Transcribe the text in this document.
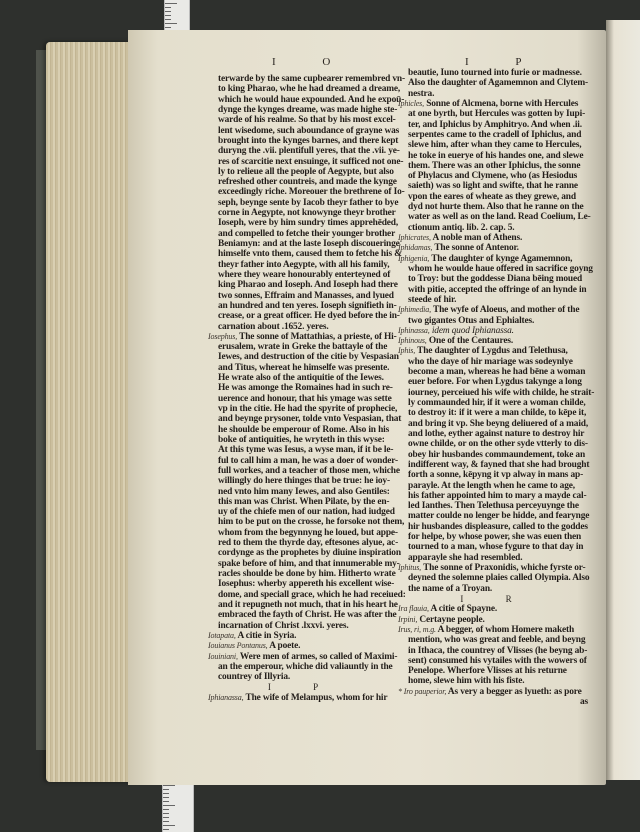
I O	I P
terwarde by the same cupbearer remembred vn-
to king Pharao, whe he had dreamed a dreame,
which he would haue expounded. And he expoū-
dynge the kynges dreame, was made highe ste-
warde of his realme. So that by his most excel-
lent wisedome, such aboundance of grayne was
brought into the kynges barnes, and there kept
duryng the .vii. plentifull yeres, that the .vii. ye-
res of scarcitie next ensuinge, it sufficed not one-
ly to relieue all the people of Aegypte, but also
refreshed other countreis, and made the kynge
exceedingly riche. Moreouer the brethrene of Io-
seph, beynge sente by Iacob theyr father to bye
corne in Aegypte, not knowynge theyr brother
Ioseph, were by him sundry times apprehēded,
and compelled to fetche their younger brother
Beniamyn: and at the laste Ioseph discoueringe
himselfe vnto them, caused them to fetche his &
theyr father into Aegypte, with all his family,
where they weare honourably enterteyned of
king Pharao and Ioseph. And Ioseph had there
two sonnes, Effraim and Manasses, and lyued
an hundred and ten yeres. Ioseph signifieth in-
crease, or a great officer. He dyed before the in-
carnation about .1652. yeres.
Iosephus, The sonne of Mattathias, a prieste, of Hi-
erusalem, wrate in Greke the battayle of the
Iewes, and destruction of the citie by Vespasian
and Titus, whereat he himselfe was presente.
He wrate also of the antiquitie of the Iewes.
He was amonge the Romaines had in such re-
uerence and honour, that his ymage was sette
vp in the citie. He had the spyrite of prophecie,
and beynge prysoner, tolde vnto Vespasian, that
he shoulde be emperour of Rome. Also in his
boke of antiquities, he wryteth in this wyse:
At this tyme was Iesus, a wyse man, if it be le-
ful to call him a man, he was a doer of wonder-
full workes, and a teacher of those men, whiche
willingly do here thinges that be true: he ioy-
ned vnto him many Iewes, and also Gentiles:
this man was Christ. When Pilate, by the en-
uy of the chiefe men of our nation, had iudged
him to be put on the crosse, he forsoke not them,
whom from the begynnyng he loued, but appe-
red to them the thyrde day, eftesones alyue, ac-
cordynge as the prophetes by diuine inspiration
spake before of him, and that innumerable my-
racles shoulde be done by him. Hitherto wrate
Iosephus: wherby appereth his excellent wise-
dome, and speciall grace, which he had receiued:
and it repugneth not much, that in his heart he
embraced the fayth of Christ. He was after the
incarnation of Christ .lxxvi. yeres.
Iotapata, A citie in Syria.
Iouianus Pontanus, A poete.
Iouiniani, Were men of armes, so called of Maximi-
an the emperour, whiche did valiauntly in the
countrey of Illyria.
I P
Iphianassa, The wife of Melampus, whom for hir
beautie, Iuno tourned into furie or madnesse.
Also the daughter of Agamemnon and Clytem-
nestra.
Iphicles, Sonne of Alcmena, borne with Hercules
at one byrth, but Hercules was gotten by Iupi-
ter, and Iphiclus by Amphitryo. And when .ii.
serpentes came to the cradell of Iphiclus, and
slewe him, after whan they came to Hercules,
he toke in euerye of his handes one, and slewe
them. There was an other Iphiclus, the sonne
of Phylacus and Clymene, who (as Hesiodus
saieth) was so light and swifte, that he ranne
vpon the eares of wheate as they grewe, and
dyd not hurte them. Also that he ranne on the
water as well as on the land. Read Coelium, Le-
ctionum antiq. lib. 2. cap. 5.
Iphicrates, A noble man of Athens.
Iphidamas, The sonne of Antenor.
Iphigenia, The daughter of kynge Agamemnon,
whom he woulde haue offered in sacrifice goyng
to Troy: but the goddesse Diana bēing moued
with pitie, accepted the offringe of an hynde in
steede of hir.
Iphimedia, The wyfe of Aloeus, and mother of the
two gigantes Otus and Ephialtes.
Iphinassa, idem quod Iphianassa.
Iphinous, One of the Centaures.
Iphis, The daughter of Lygdus and Telethusa,
who the daye of hir mariage was sodeynlye
become a man, whereas he had bēne a woman
euer before. For when Lygdus takynge a long
iourney, perceiued his wife with childe, he strait-
ly commaunded hir, if it were a woman childe,
to destroy it: if it were a man childe, to kēpe it,
and bring it vp. She beyng deliuered of a maid,
and lothe, eyther against nature to destroy hir
owne childe, or on the other syde vtterly to dis-
obey hir husbandes commaundement, toke an
indifferent way, & fayned that she had brought
forth a sonne, kēpyng it vp alway in mans ap-
parayle. At the length when he came to age,
his father appointed him to mary a mayde cal-
led Ianthes. Then Telethusa perceyuynge the
matter coulde no lenger be hidde, and fearynge
hir husbandes displeasure, called to the goddes
for helpe, by whose power, she was euen then
tourned to a man, whose fygure to that day in
apparayle she had resembled.
Iphitus, The sonne of Praxonidis, whiche fyrste or-
deyned the solemne plaies called Olympia. Also
the name of a Troyan.
I R
Ira flauia, A citie of Spayne.
Irpini, Certayne people.
Irus, ri, m.g. A begger, of whom Homere maketh
mention, who was great and feeble, and beyng
in Ithaca, the countrey of Vlisses (he beyng ab-
sent) consumed his vytailes with the wowers of
Penelope. Wherfore Vlisses at his returne
home, slewe him with his fiste.
* Iro pauperior, As very a begger as lyueth: as pore
as
